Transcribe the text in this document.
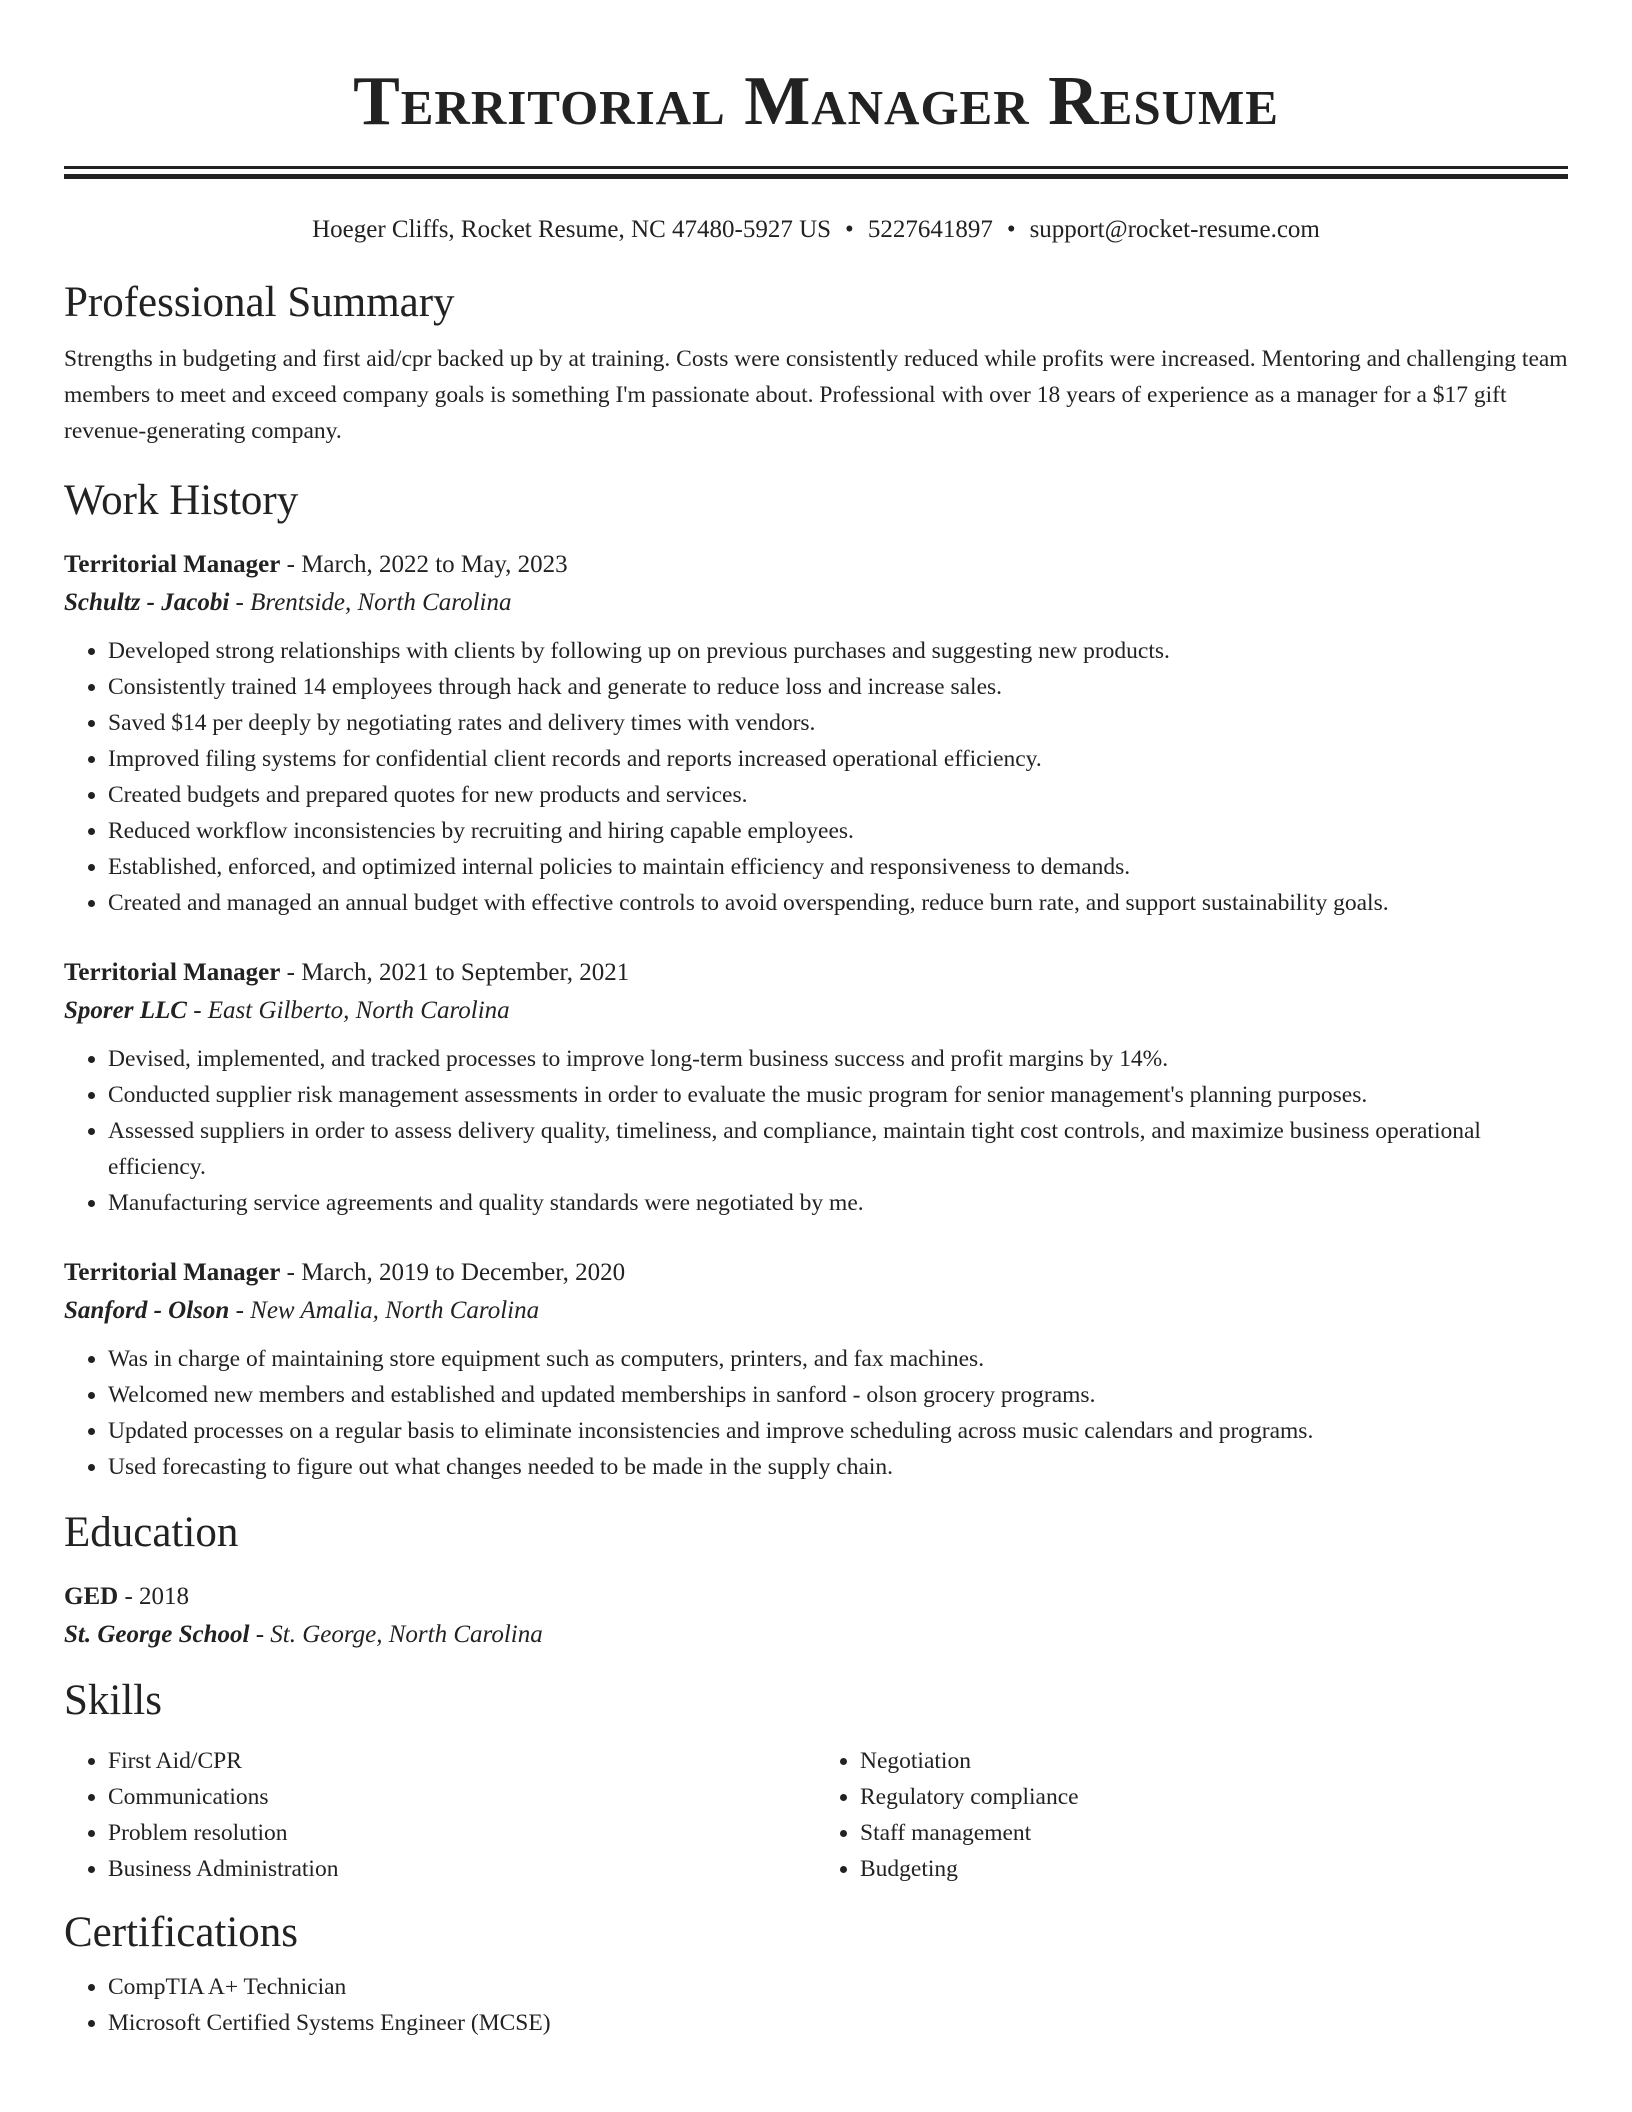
Territorial Manager Resume
Hoeger Cliffs, Rocket Resume, NC 47480-5927 US • 5227641897 • support@rocket-resume.com
Professional Summary
Strengths in budgeting and first aid/cpr backed up by at training. Costs were consistently reduced while profits were increased. Mentoring and challenging team members to meet and exceed company goals is something I'm passionate about. Professional with over 18 years of experience as a manager for a $17 gift revenue-generating company.
Work History
Territorial Manager - March, 2022 to May, 2023
Schultz - Jacobi - Brentside, North Carolina
• Developed strong relationships with clients by following up on previous purchases and suggesting new products.
• Consistently trained 14 employees through hack and generate to reduce loss and increase sales.
• Saved $14 per deeply by negotiating rates and delivery times with vendors.
• Improved filing systems for confidential client records and reports increased operational efficiency.
• Created budgets and prepared quotes for new products and services.
• Reduced workflow inconsistencies by recruiting and hiring capable employees.
• Established, enforced, and optimized internal policies to maintain efficiency and responsiveness to demands.
• Created and managed an annual budget with effective controls to avoid overspending, reduce burn rate, and support sustainability goals.
Territorial Manager - March, 2021 to September, 2021
Sporer LLC - East Gilberto, North Carolina
• Devised, implemented, and tracked processes to improve long-term business success and profit margins by 14%.
• Conducted supplier risk management assessments in order to evaluate the music program for senior management's planning purposes.
• Assessed suppliers in order to assess delivery quality, timeliness, and compliance, maintain tight cost controls, and maximize business operational efficiency.
• Manufacturing service agreements and quality standards were negotiated by me.
Territorial Manager - March, 2019 to December, 2020
Sanford - Olson - New Amalia, North Carolina
• Was in charge of maintaining store equipment such as computers, printers, and fax machines.
• Welcomed new members and established and updated memberships in sanford - olson grocery programs.
• Updated processes on a regular basis to eliminate inconsistencies and improve scheduling across music calendars and programs.
• Used forecasting to figure out what changes needed to be made in the supply chain.
Education
GED - 2018
St. George School - St. George, North Carolina
Skills
• First Aid/CPR
• Communications
• Problem resolution
• Business Administration
• Negotiation
• Regulatory compliance
• Staff management
• Budgeting
Certifications
• CompTIA A+ Technician
• Microsoft Certified Systems Engineer (MCSE)
